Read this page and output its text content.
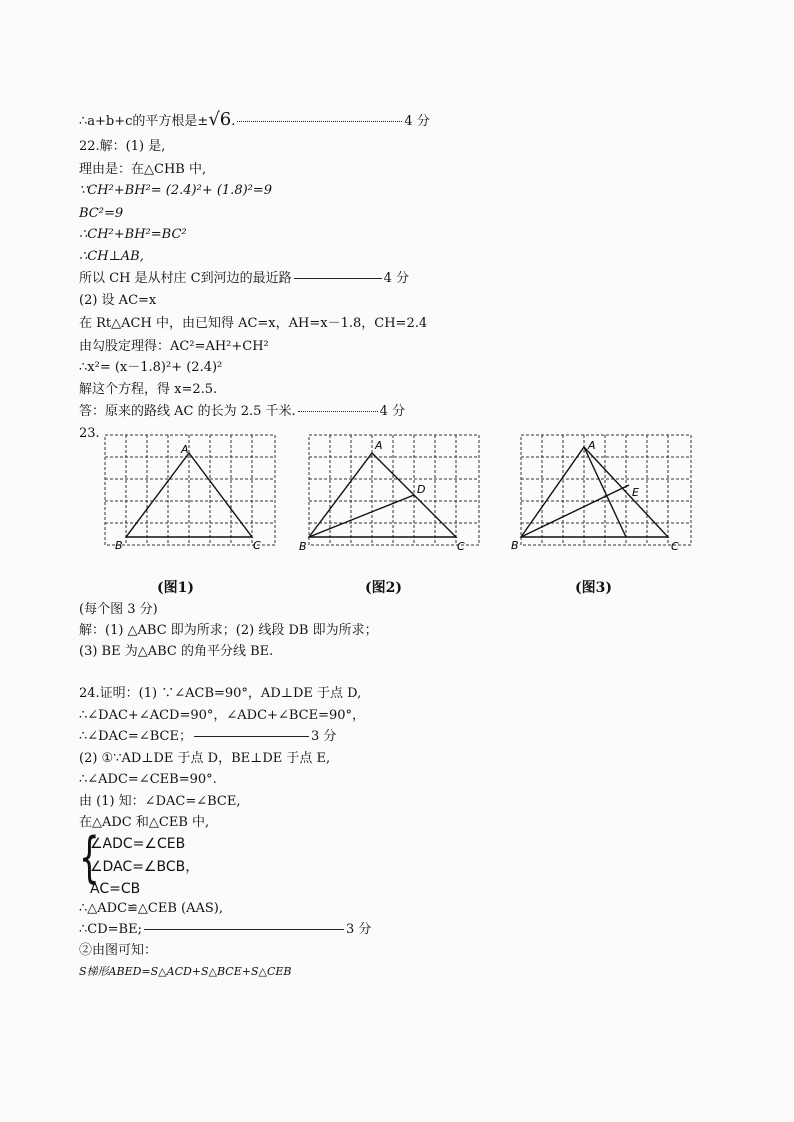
∴a+b+c的平方根是±√6.	4 分
22.解：(1) 是,
理由是：在△CHB 中,
∵CH²+BH²= (2.4)²+ (1.8)²=9
BC²=9
∴CH²+BH²=BC²
∴CH⊥AB,
所以 CH 是从村庄 C到河边的最近路	4 分
(2) 设 AC=x
在 Rt△ACH 中，由已知得 AC=x，AH=x－1.8，CH=2.4
由勾股定理得：AC²=AH²+CH²
∴x²= (x－1.8)²+ (2.4)²
解这个方程，得 x=2.5.
答：原来的路线 AC 的长为 2.5 千米.	4 分
23.
A
B	C
A
B	C
D
A
B	C
E
(图1)	(图2)	(图3)
(每个图 3 分)
解：(1) △ABC 即为所求；(2) 线段 DB 即为所求；
(3) BE 为△ABC 的角平分线 BE.
24.证明：(1) ∵∠ACB=90°，AD⊥DE 于点 D,
∴∠DAC+∠ACD=90°，∠ADC+∠BCE=90°，
∴∠DAC=∠BCE；	3 分
(2) ①∵AD⊥DE 于点 D，BE⊥DE 于点 E,
∴∠ADC=∠CEB=90°.
由 (1) 知：∠DAC=∠BCE,
在△ADC 和△CEB 中,
{
∠ADC=∠CEB
∠DAC=∠BCB，
AC=CB
∴△ADC≌△CEB (AAS),
∴CD=BE;	3 分
②由图可知：
S梯形ABED=S△ACD+S△BCE+S△CEB
